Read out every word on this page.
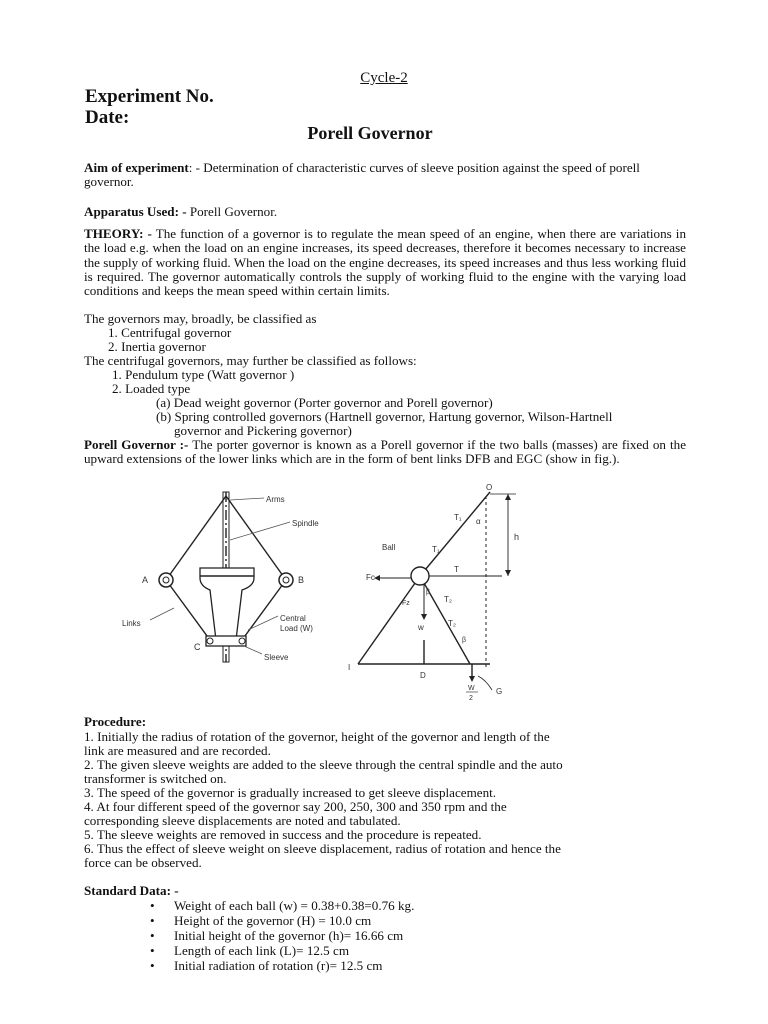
Cycle-2
Experiment No.
Date:
Porell Governor
Aim of experiment: - Determination of characteristic curves of sleeve position against the speed of porell governor.
Apparatus Used: - Porell Governor.
THEORY: - The function of a governor is to regulate the mean speed of an engine, when there are variations in the load e.g. when the load on an engine increases, its speed decreases, therefore it becomes necessary to increase the supply of working fluid. When the load on the engine decreases, its speed increases and thus less working fluid is required. The governor automatically controls the supply of working fluid to the engine with the varying load conditions and keeps the mean speed within certain limits.
The governors may, broadly, be classified as
1. Centrifugal governor
2. Inertia governor
The centrifugal governors, may further be classified as follows:
1. Pendulum type (Watt governor )
2. Loaded type
(a) Dead weight governor (Porter governor and Porell governor)
(b) Spring controlled governors (Hartnell governor, Hartung governor, Wilson-Hartnell
governor and Pickering governor)
Porell Governor :- The porter governor is known as a Porell governor if the two balls (masses) are fixed on the upward extensions of the lower links which are in the form of bent links DFB and EGC (show in fig.).
Arms
Spindle
A	B
Links
C
Central
Load (W)
Sleeve
O
T₁ α
h
Ball	T₁
Fᴄ
T
T₂
Fz
β
w	T₂
β
I
D
W
2
G
Procedure:
1. Initially the radius of rotation of the governor, height of the governor and length of the
link are measured and are recorded.
2. The given sleeve weights are added to the sleeve through the central spindle and the auto
transformer is switched on.
3. The speed of the governor is gradually increased to get sleeve displacement.
4. At four different speed of the governor say 200, 250, 300 and 350 rpm and the
corresponding sleeve displacements are noted and tabulated.
5. The sleeve weights are removed in success and the procedure is repeated.
6. Thus the effect of sleeve weight on sleeve displacement, radius of rotation and hence the
force can be observed.
Standard Data: -
• Weight of each ball (w) = 0.38+0.38=0.76 kg.
• Height of the governor (H) = 10.0 cm
• Initial height of the governor (h)= 16.66 cm
• Length of each link (L)= 12.5 cm
• Initial radiation of rotation (r)= 12.5 cm
